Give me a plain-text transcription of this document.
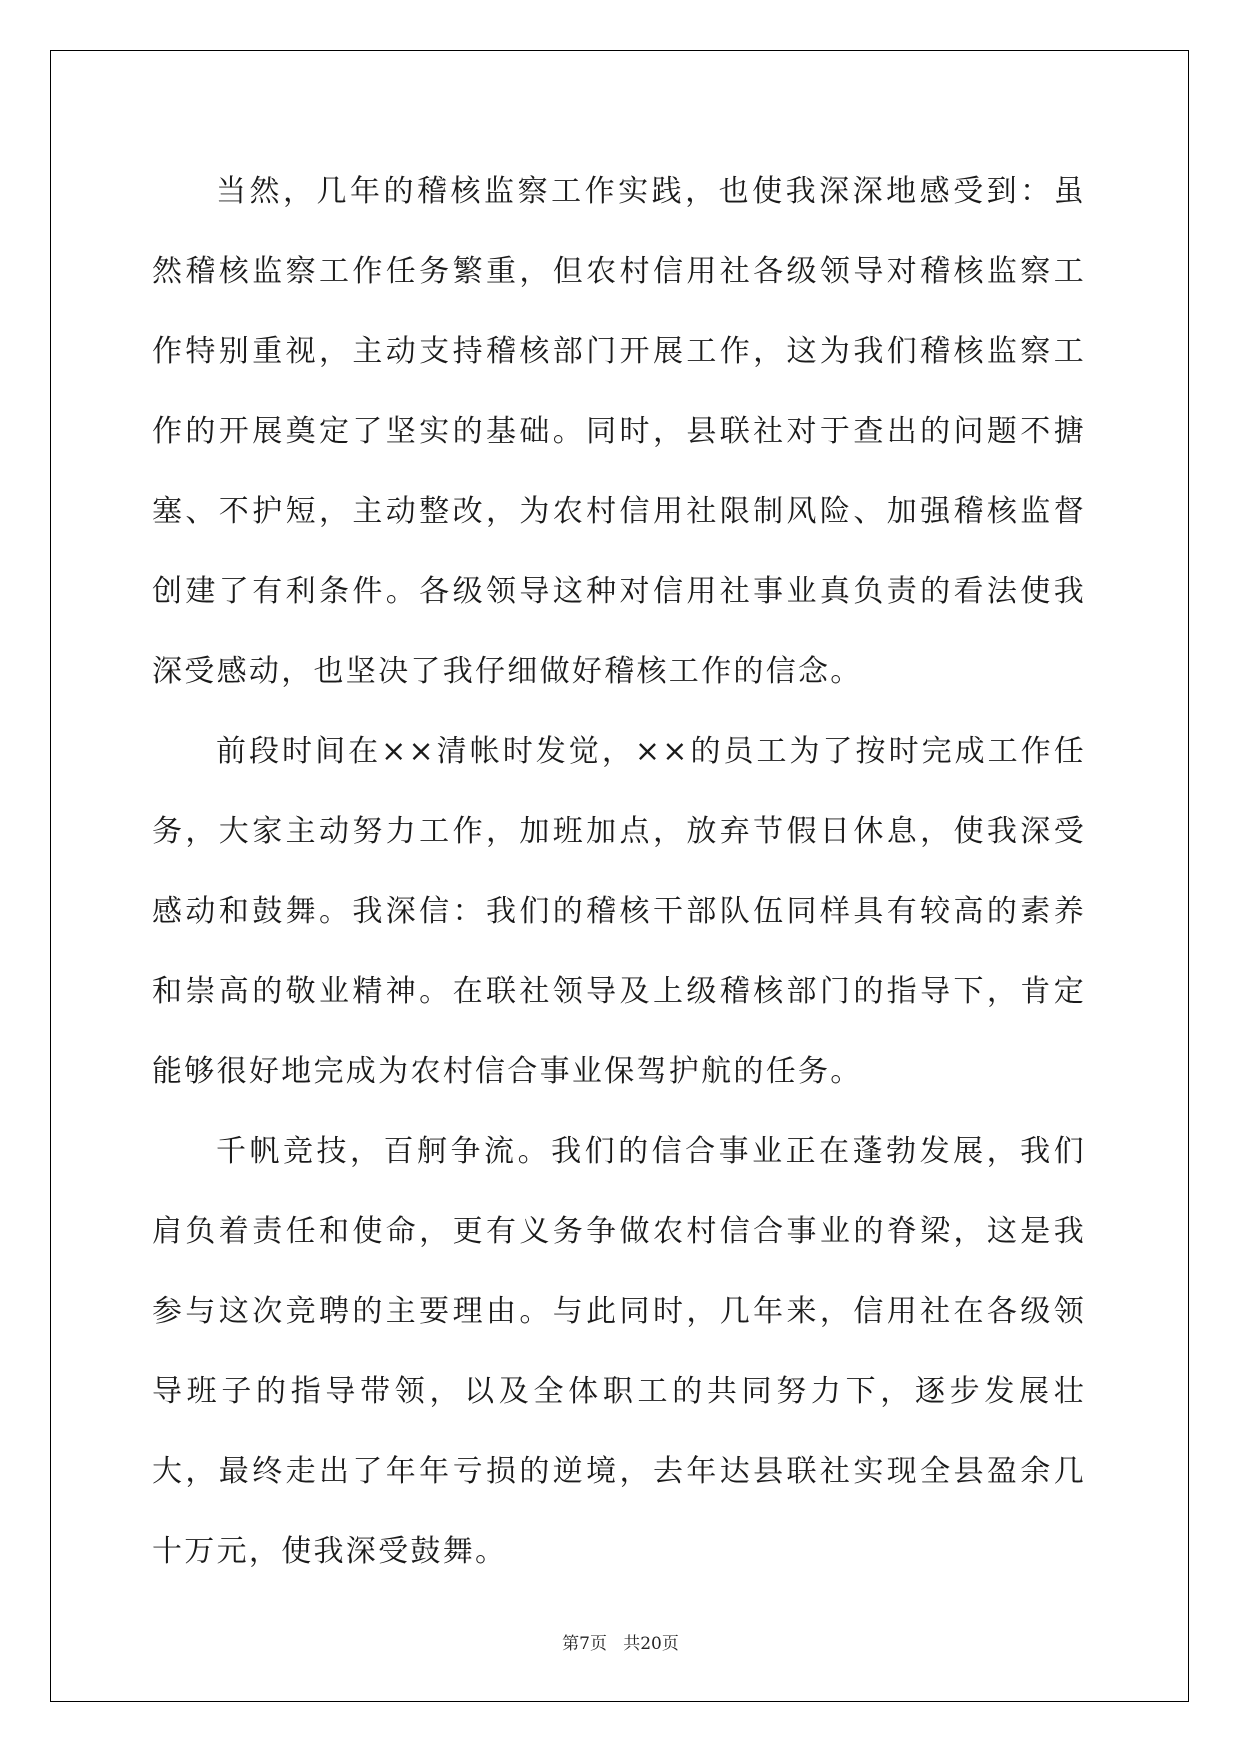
当然，几年的稽核监察工作实践，也使我深深地感受到：虽然稽核监察工作任务繁重，但农村信用社各级领导对稽核监察工作特别重视，主动支持稽核部门开展工作，这为我们稽核监察工作的开展奠定了坚实的基础。同时，县联社对于查出的问题不搪塞、不护短，主动整改，为农村信用社限制风险、加强稽核监督创建了有利条件。各级领导这种对信用社事业真负责的看法使我深受感动，也坚决了我仔细做好稽核工作的信念。

前段时间在××清帐时发觉，××的员工为了按时完成工作任务，大家主动努力工作，加班加点，放弃节假日休息，使我深受感动和鼓舞。我深信：我们的稽核干部队伍同样具有较高的素养和崇高的敬业精神。在联社领导及上级稽核部门的指导下，肯定能够很好地完成为农村信合事业保驾护航的任务。

千帆竞技，百舸争流。我们的信合事业正在蓬勃发展，我们肩负着责任和使命，更有义务争做农村信合事业的脊梁，这是我参与这次竞聘的主要理由。与此同时，几年来，信用社在各级领导班子的指导带领，以及全体职工的共同努力下，逐步发展壮大，最终走出了年年亏损的逆境，去年达县联社实现全县盈余几十万元，使我深受鼓舞。

第7页 共20页
